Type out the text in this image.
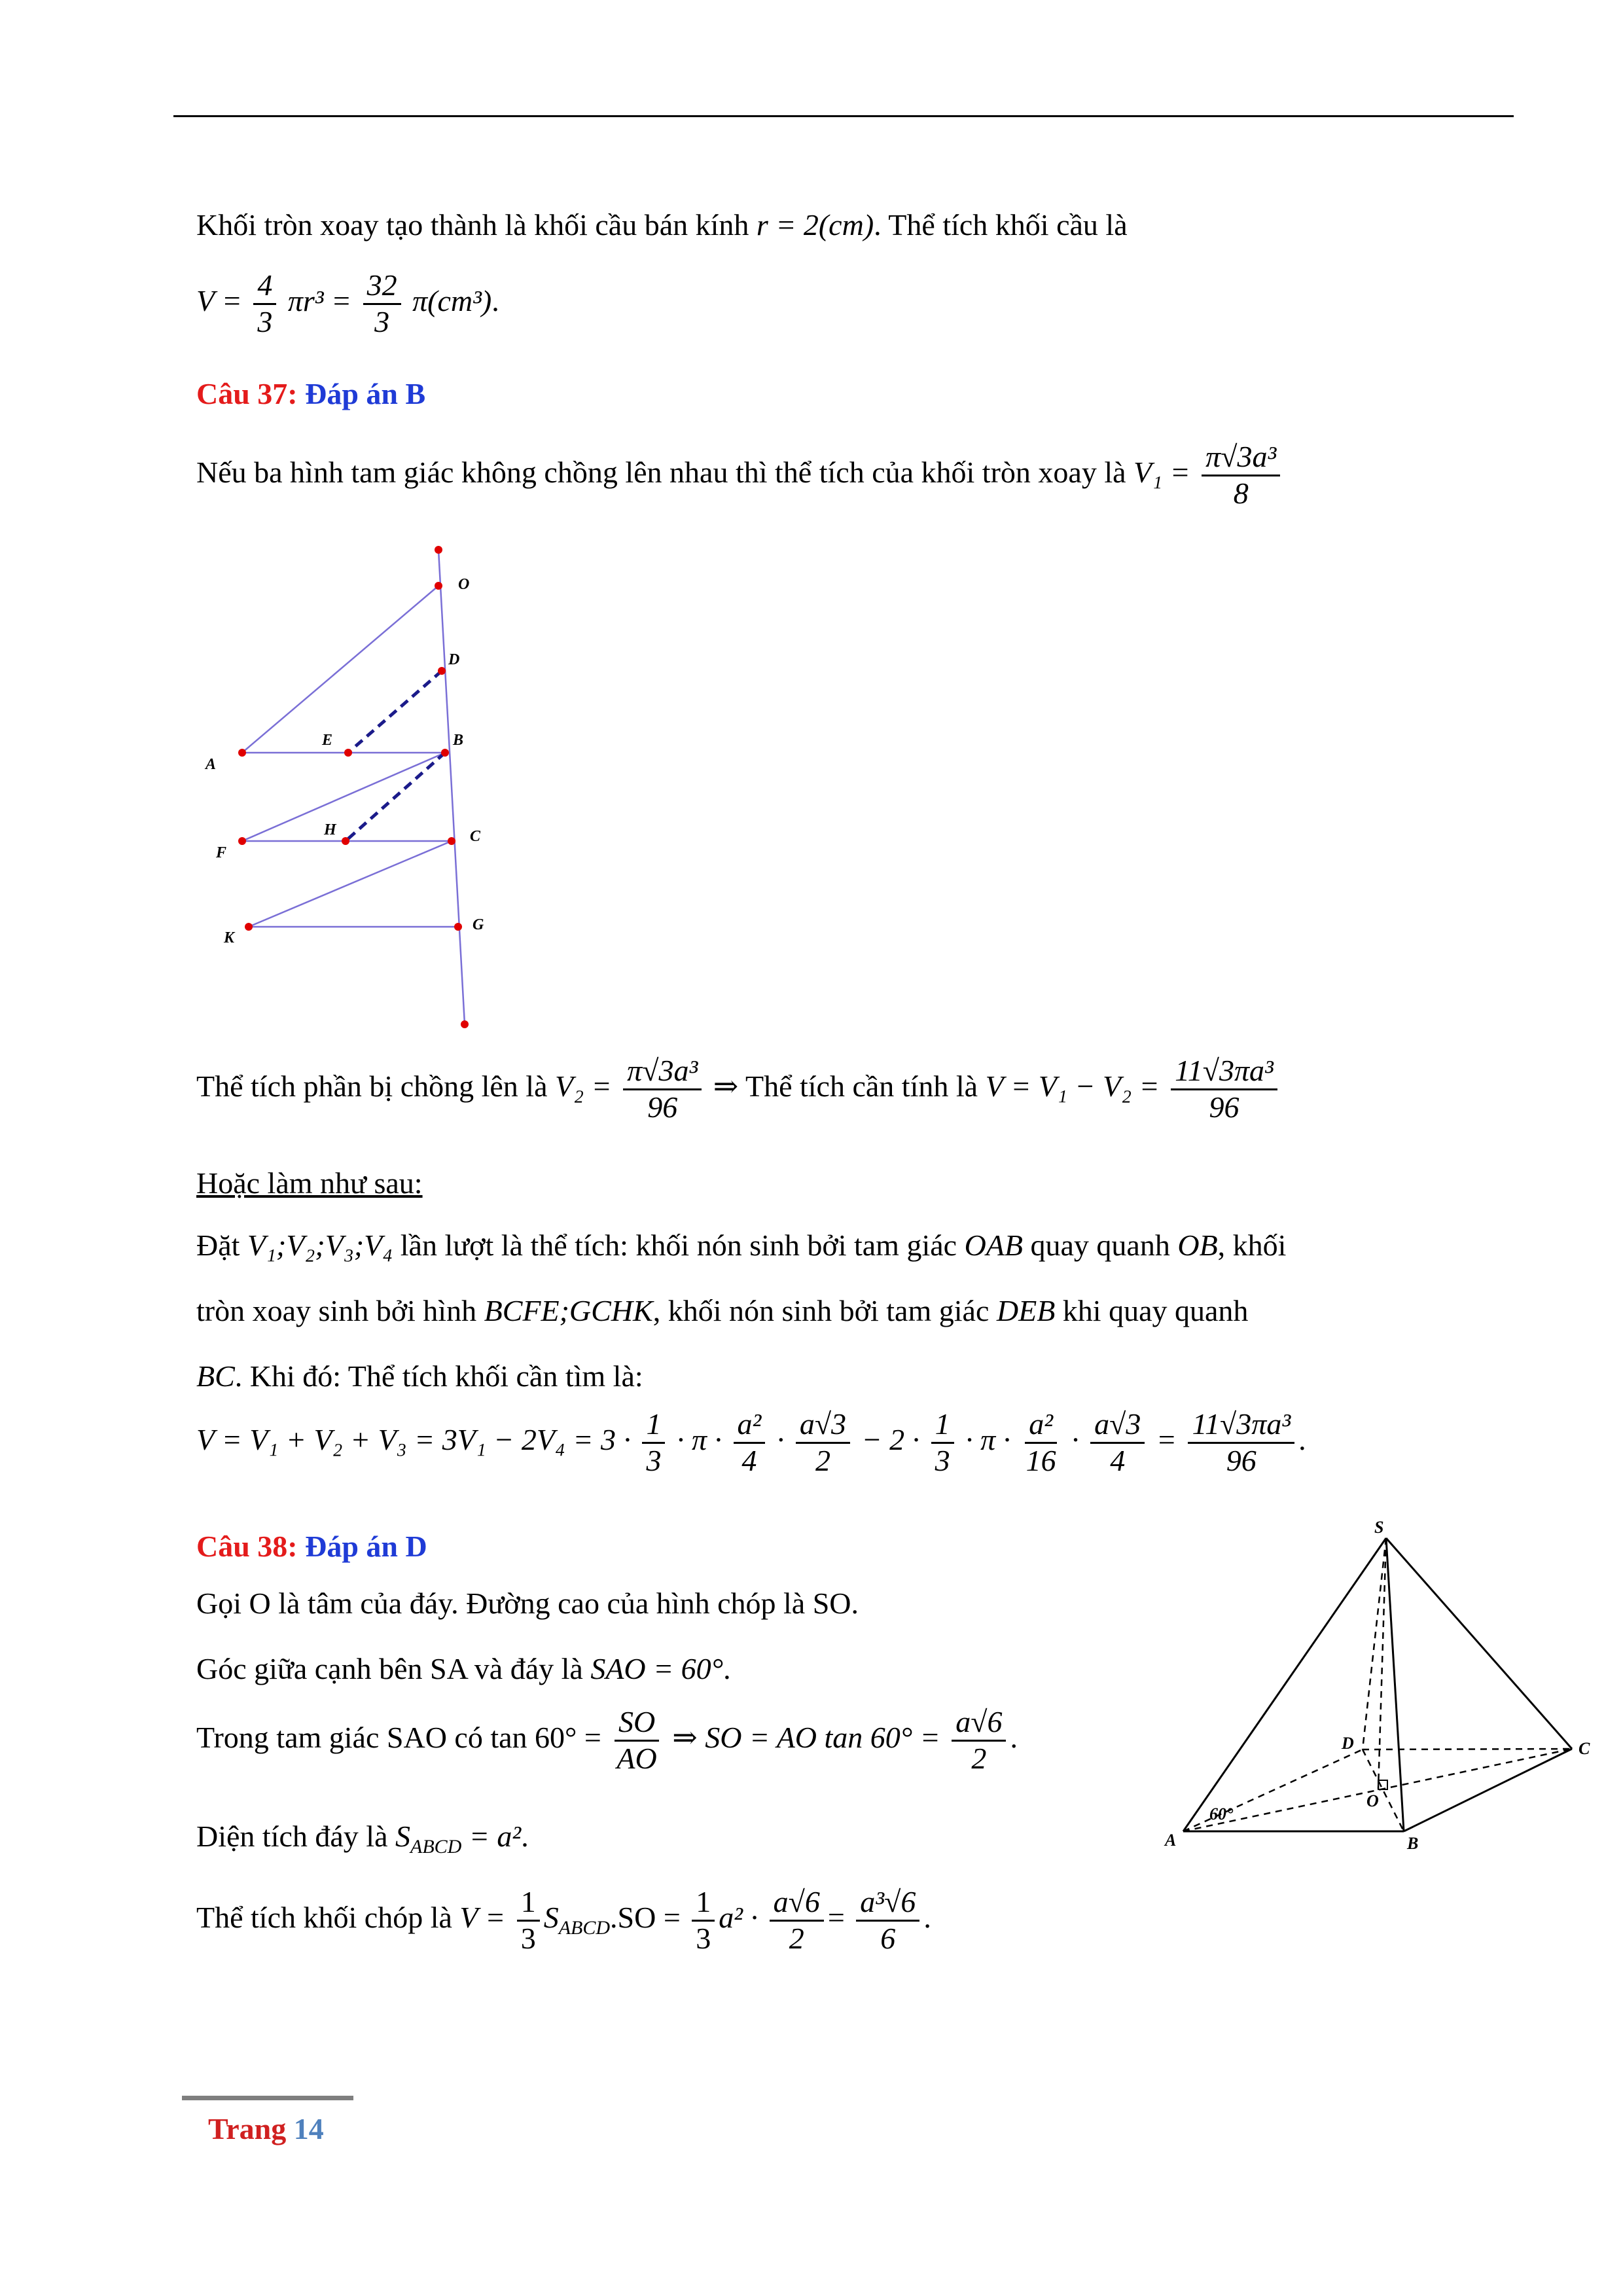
Khối tròn xoay tạo thành là khối cầu bán kính r = 2(cm). Thể tích khối cầu là
$V = \frac{4}{3} \pi r^3 = \frac{32}{3} \pi(cm^3)$.
Câu 37: Đáp án B
Nếu ba hình tam giác không chồng lên nhau thì thể tích của khối tròn xoay là $V_1 = \frac{\text{π√3a³}}{8}$
O
D
E	B
A
F
H	C
K
G
Thể tích phần bị chồng lên là $V_2 = \frac{\text{π√3a³}}{96}$ ⇒ Thể tích cần tính là $V = V_1 - V_2 = \frac{\text{11√3πa³}}{96}$
Hoặc làm như sau:
Đặt V₁;V₂;V₃;V₄ lần lượt là thể tích: khối nón sinh bởi tam giác OAB quay quanh OB, khối
tròn xoay sinh bởi hình BCFE;GCHK, khối nón sinh bởi tam giác DEB khi quay quanh
BC. Khi đó: Thể tích khối cần tìm là:
$V = V_1 + V_2 + V_3 = 3V_1 - 2V_4 = 3 \cdot \frac{1}{3} \cdot \pi \cdot \frac{\text{a²}}{4} \cdot \frac{a√3}{2} - 2 \cdot \frac{1}{3} \cdot \pi \cdot \frac{\text{a²}}{16} \cdot \frac{a√3}{4} = \frac{\text{11√3πa³}}{96}$ .
Câu 38: Đáp án D
Gọi O là tâm của đáy. Đường cao của hình chóp là SO.
Góc giữa cạnh bên SA và đáy là SAO = 60°.
Trong tam giác SAO có $\tan 60^\circ = \frac{SO}{AO}$ ⇒ SO = AO $\tan 60^\circ = \frac{a√6}{2}$ .
Diện tích đáy là $S_{ABCD} = a^2$.
Thể tích khối chóp là $V = \frac{1}{3} S_{ABCD}.SO = \frac{1}{3} a^2 \cdot \frac{a√6}{2} = \frac{\text{a³√6}}{6}$ .
S
D	C
A	B
O
60°
Trang 14
